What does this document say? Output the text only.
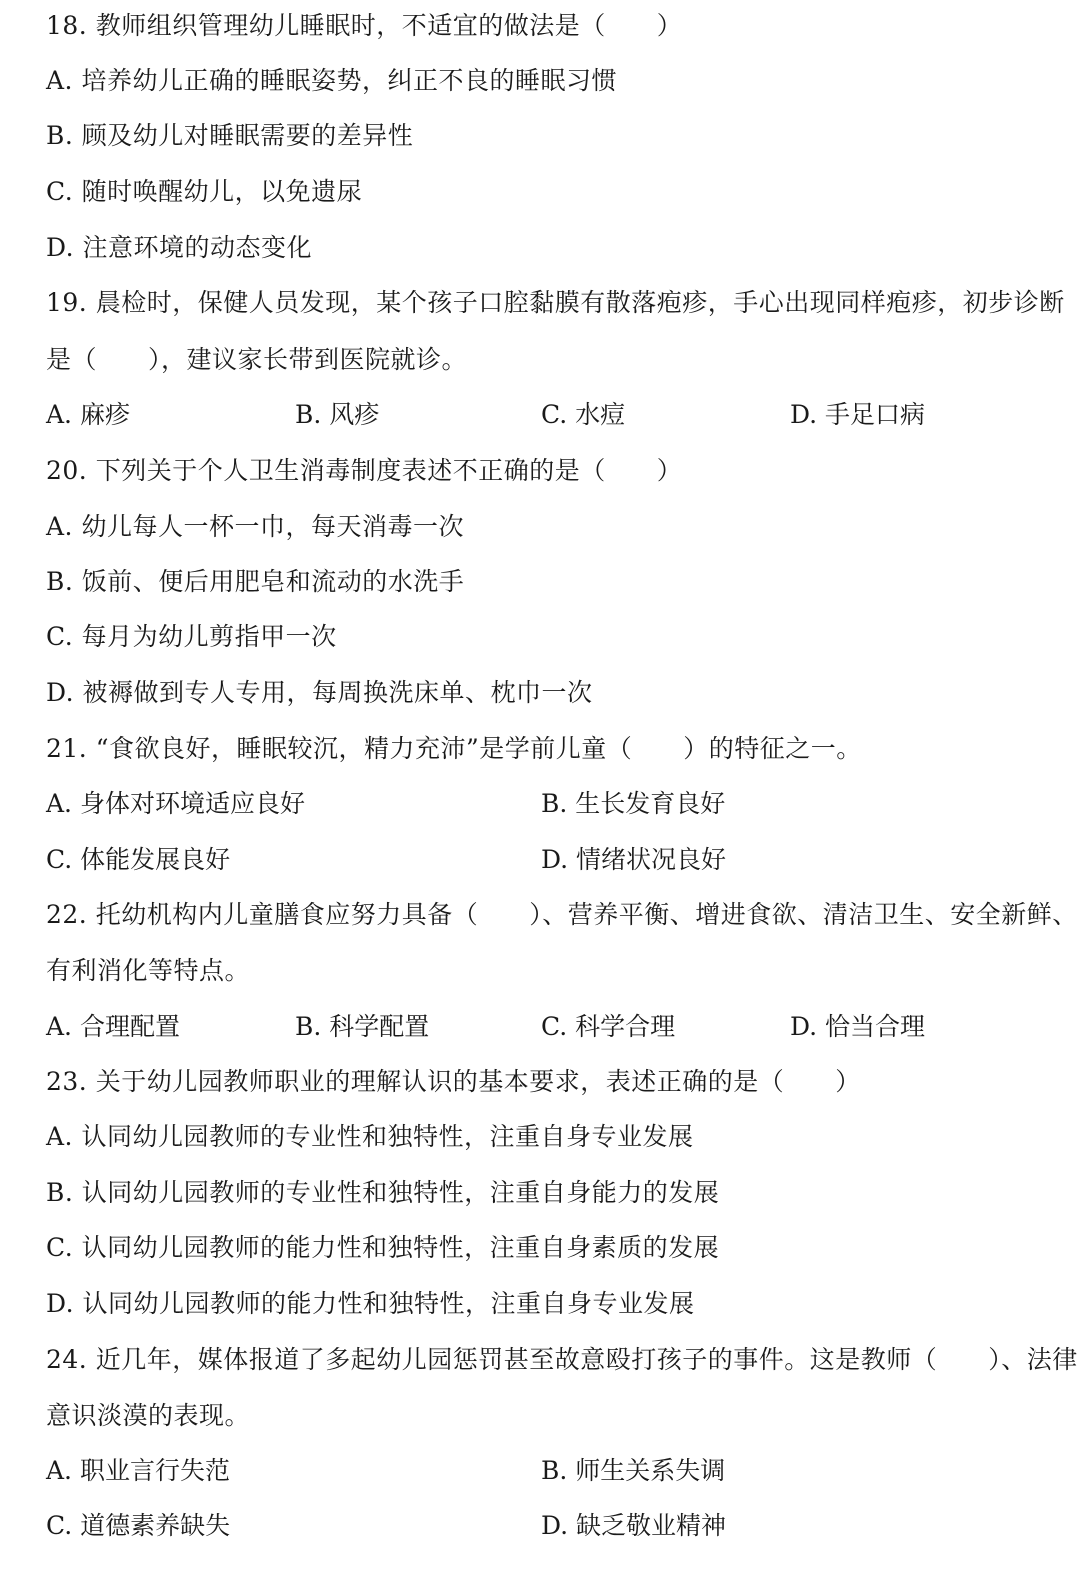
18. 教师组织管理幼儿睡眠时，不适宜的做法是（　　）
A. 培养幼儿正确的睡眠姿势，纠正不良的睡眠习惯
B. 顾及幼儿对睡眠需要的差异性
C. 随时唤醒幼儿，以免遗尿
D. 注意环境的动态变化
19. 晨检时，保健人员发现，某个孩子口腔黏膜有散落疱疹，手心出现同样疱疹，初步诊断
是（　　），建议家长带到医院就诊。
A. 麻疹	B. 风疹	C. 水痘	D. 手足口病
20. 下列关于个人卫生消毒制度表述不正确的是（　　）
A. 幼儿每人一杯一巾，每天消毒一次
B. 饭前、便后用肥皂和流动的水洗手
C. 每月为幼儿剪指甲一次
D. 被褥做到专人专用，每周换洗床单、枕巾一次
21. “食欲良好，睡眠较沉，精力充沛”是学前儿童（　　）的特征之一。
A. 身体对环境适应良好	B. 生长发育良好
C. 体能发展良好	D. 情绪状况良好
22. 托幼机构内儿童膳食应努力具备（　　）、营养平衡、增进食欲、清洁卫生、安全新鲜、
有利消化等特点。
A. 合理配置	B. 科学配置	C. 科学合理	D. 恰当合理
23. 关于幼儿园教师职业的理解认识的基本要求，表述正确的是（　　）
A. 认同幼儿园教师的专业性和独特性，注重自身专业发展
B. 认同幼儿园教师的专业性和独特性，注重自身能力的发展
C. 认同幼儿园教师的能力性和独特性，注重自身素质的发展
D. 认同幼儿园教师的能力性和独特性，注重自身专业发展
24. 近几年，媒体报道了多起幼儿园惩罚甚至故意殴打孩子的事件。这是教师（　　）、法律
意识淡漠的表现。
A. 职业言行失范	B. 师生关系失调
C. 道德素养缺失	D. 缺乏敬业精神
